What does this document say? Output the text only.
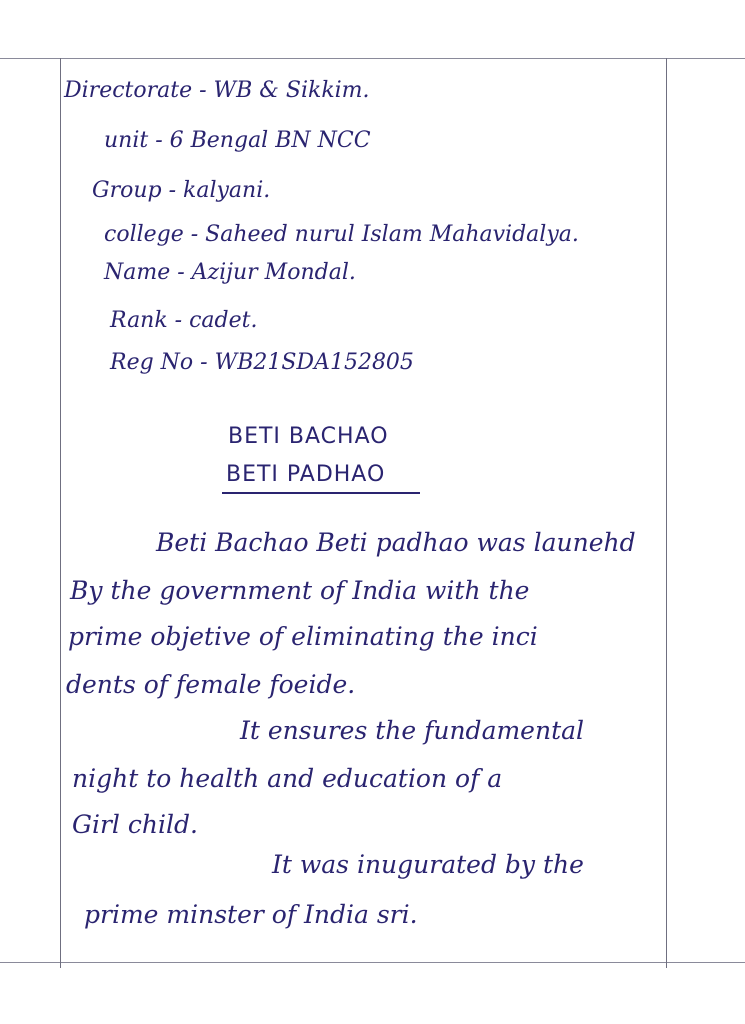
Directorate - WB & Sikkim.
unit - 6 Bengal BN NCC
Group - kalyani.
college - Saheed nurul Islam Mahavidalya.
Name - Azijur Mondal.
Rank - cadet.
Reg No - WB21SDA152805
BETI BACHAO
BETI PADHAO
Beti Bachao Beti padhao was launehd
By the government of India with the
prime objetive of eliminating the inci
dents of female foeide.
It ensures the fundamental
night to health and education of a
Girl child.
It was inugurated by the
prime minster of India sri.
